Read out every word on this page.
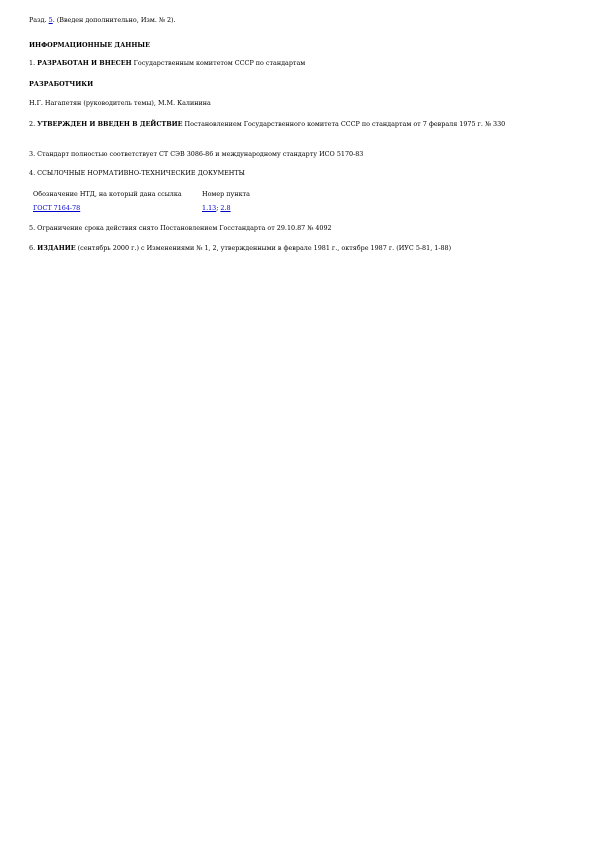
Разд. 5. (Введен дополнительно, Изм. № 2).
ИНФОРМАЦИОННЫЕ ДАННЫЕ
1. РАЗРАБОТАН И ВНЕСЕН Государственным комитетом СССР по стандартам
РАЗРАБОТЧИКИ
Н.Г. Нагапетян (руководитель темы), М.М. Калинина
2. УТВЕРЖДЕН И ВВЕДЕН В ДЕЙСТВИЕ Постановлением Государственного комитета СССР по стандартам от 7 февраля 1975 г. № 330
3. Стандарт полностью соответствует СТ СЭВ 3086-86 и международному стандарту ИСО 5170-83
4. ССЫЛОЧНЫЕ НОРМАТИВНО-ТЕХНИЧЕСКИЕ ДОКУМЕНТЫ
Обозначение НТД, на который дана ссылка	Номер пункта
ГОСТ 7164-78	1.13; 2.8
5. Ограничение срока действия снято Постановлением Госстандарта от 29.10.87 № 4092
6. ИЗДАНИЕ (сентябрь 2000 г.) с Изменениями № 1, 2, утвержденными в феврале 1981 г., октябре 1987 г. (ИУС 5-81, 1-88)
